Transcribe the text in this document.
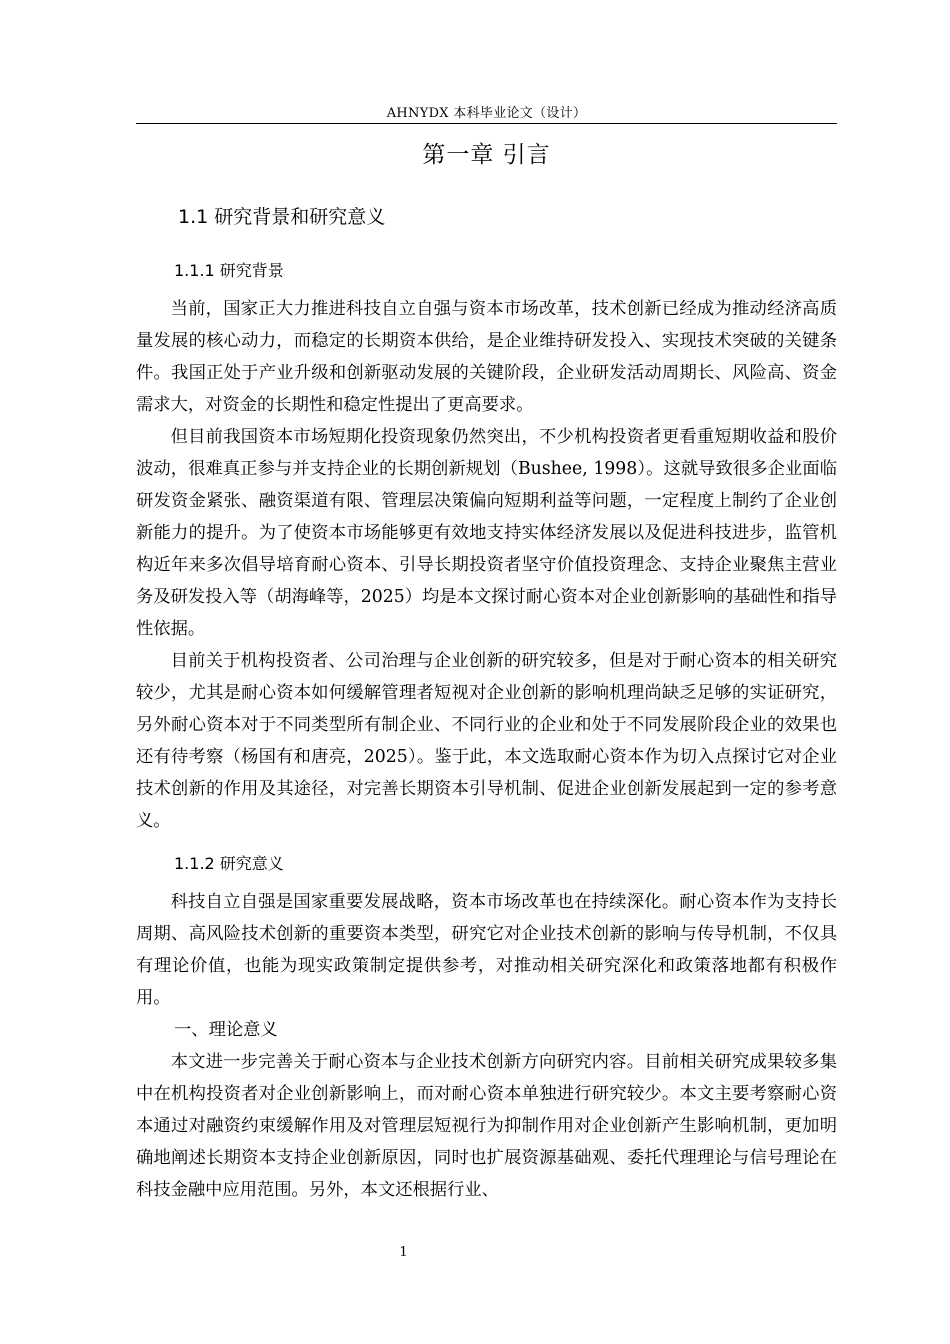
AHNYDX 本科毕业论文（设计）
第一章 引言
1.1 研究背景和研究意义
1.1.1 研究背景

当前，国家正大力推进科技自立自强与资本市场改革，技术创新已经成为推动经济高质量发展的核心动力，而稳定的长期资本供给，是企业维持研发投入、实现技术突破的关键条件。我国正处于产业升级和创新驱动发展的关键阶段，企业研发活动周期长、风险高、资金需求大，对资金的长期性和稳定性提出了更高要求。

但目前我国资本市场短期化投资现象仍然突出，不少机构投资者更看重短期收益和股价波动，很难真正参与并支持企业的长期创新规划（Bushee, 1998）。这就导致很多企业面临研发资金紧张、融资渠道有限、管理层决策偏向短期利益等问题，一定程度上制约了企业创新能力的提升。为了使资本市场能够更有效地支持实体经济发展以及促进科技进步，监管机构近年来多次倡导培育耐心资本、引导长期投资者坚守价值投资理念、支持企业聚焦主营业务及研发投入等（胡海峰等，2025）均是本文探讨耐心资本对企业创新影响的基础性和指导性依据。

目前关于机构投资者、公司治理与企业创新的研究较多，但是对于耐心资本的相关研究较少，尤其是耐心资本如何缓解管理者短视对企业创新的影响机理尚缺乏足够的实证研究，另外耐心资本对于不同类型所有制企业、不同行业的企业和处于不同发展阶段企业的效果也还有待考察（杨国有和唐亮，2025）。鉴于此，本文选取耐心资本作为切入点探讨它对企业技术创新的作用及其途径，对完善长期资本引导机制、促进企业创新发展起到一定的参考意义。

1.1.2 研究意义

科技自立自强是国家重要发展战略，资本市场改革也在持续深化。耐心资本作为支持长周期、高风险技术创新的重要资本类型，研究它对企业技术创新的影响与传导机制，不仅具有理论价值，也能为现实政策制定提供参考，对推动相关研究深化和政策落地都有积极作用。

一、理论意义

本文进一步完善关于耐心资本与企业技术创新方向研究内容。目前相关研究成果较多集中在机构投资者对企业创新影响上，而对耐心资本单独进行研究较少。本文主要考察耐心资本通过对融资约束缓解作用及对管理层短视行为抑制作用对企业创新产生影响机制，更加明确地阐述长期资本支持企业创新原因，同时也扩展资源基础观、委托代理理论与信号理论在科技金融中应用范围。另外，本文还根据行业、

1
